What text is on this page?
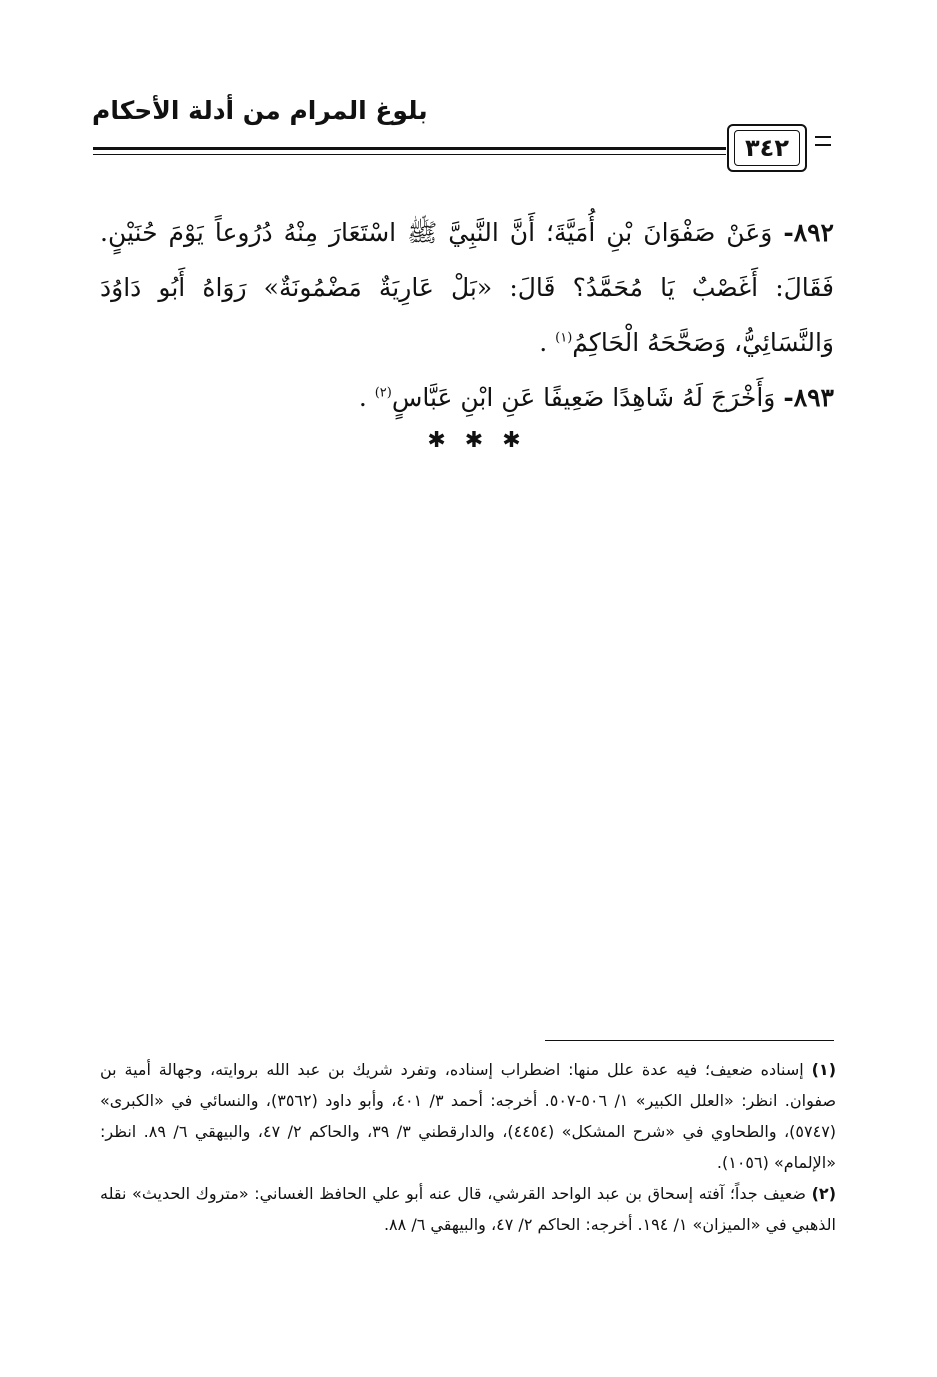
بلوغ المرام من أدلة الأحكام
٣٤٢

٨٩٢- وَعَنْ صَفْوَانَ بْنِ أُمَيَّةَ؛ أَنَّ النَّبِيَّ ﷺ اسْتَعَارَ مِنْهُ دُرُوعاً يَوْمَ حُنَيْنٍ. فَقَالَ: أَغَصْبٌ يَا مُحَمَّدُ؟ قَالَ: «بَلْ عَارِيَةٌ مَضْمُونَةٌ» رَوَاهُ أَبُو دَاوُدَ وَالنَّسَائِيُّ، وَصَحَّحَهُ الْحَاكِمُ$^{(١)}$ .

٨٩٣- وَأَخْرَجَ لَهُ شَاهِدًا ضَعِيفًا عَنِ ابْنِ عَبَّاسٍ$^{(٢)}$ .

✱ ✱ ✱

(١) إسناده ضعيف؛ فيه عدة علل منها: اضطراب إسناده، وتفرد شريك بن عبد الله بروايته، وجهالة أمية بن صفوان. انظر: «العلل الكبير» ١/ ٥٠٦-٥٠٧. أخرجه: أحمد ٣/ ٤٠١، وأبو داود (٣٥٦٢)، والنسائي في «الكبرى» (٥٧٤٧)، والطحاوي في «شرح المشكل» (٤٤٥٤)، والدارقطني ٣/ ٣٩، والحاكم ٢/ ٤٧، والبيهقي ٦/ ٨٩. انظر: «الإلمام» (١٠٥٦).

(٢) ضعيف جداً؛ آفته إسحاق بن عبد الواحد القرشي، قال عنه أبو علي الحافظ الغساني: «متروك الحديث» نقله الذهبي في «الميزان» ١/ ١٩٤. أخرجه: الحاكم ٢/ ٤٧، والبيهقي ٦/ ٨٨.
